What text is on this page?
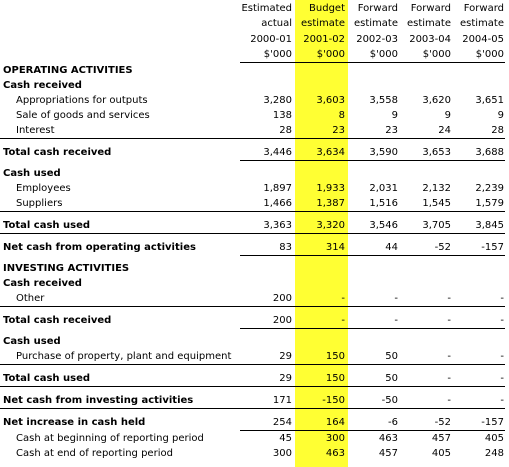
	Estimated	Budget	Forward	Forward	Forward
	actual	estimate	estimate	estimate	estimate
	2000-01	2001-02	2002-03	2003-04	2004-05
	$'000	$'000	$'000	$'000	$'000
OPERATING ACTIVITIES					
Cash received					
Appropriations for outputs	3,280	3,603	3,558	3,620	3,651
Sale of goods and services	138	8	9	9	9
Interest	28	23	23	24	28
Total cash received	3,446	3,634	3,590	3,653	3,688

Cash used					
Employees	1,897	1,933	2,031	2,132	2,239
Suppliers	1,466	1,387	1,516	1,545	1,579
Total cash used	3,363	3,320	3,546	3,705	3,845
Net cash from operating activities	83	314	44	-52	-157

INVESTING ACTIVITIES					
Cash received					
Other	200	-	-	-	-
Total cash received	200	-	-	-	-

Cash used					
Purchase of property, plant and equipment	29	150	50	-	-
Total cash used	29	150	50	-	-
Net cash from investing activities	171	-150	-50	-	-
Net increase in cash held	254	164	-6	-52	-157
Cash at beginning of reporting period	45	300	463	457	405
Cash at end of reporting period	300	463	457	405	248
